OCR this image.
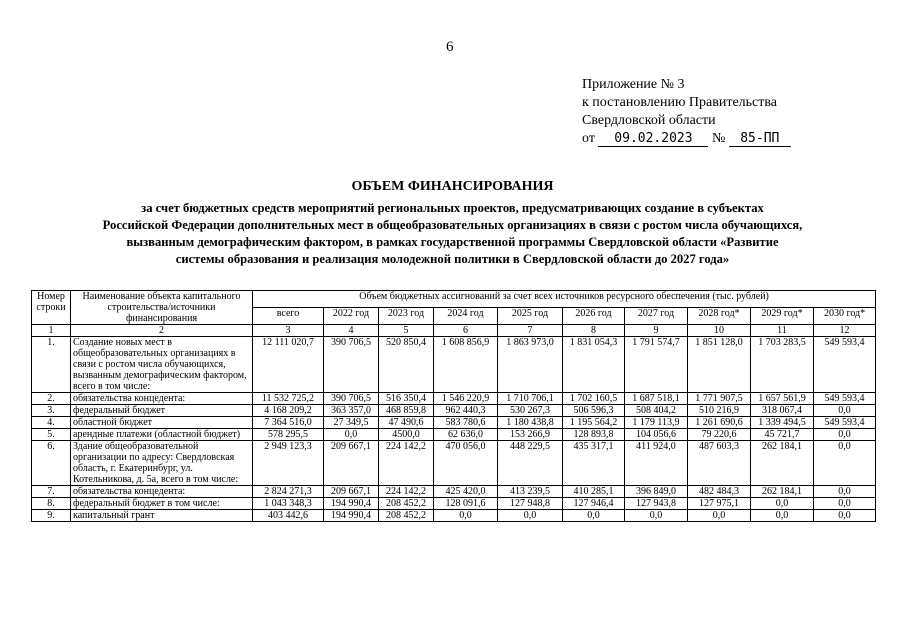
6
Приложение № 3
к постановлению Правительства
Свердловской области
от 09.02.2023 № 85-ПП
ОБЪЕМ ФИНАНСИРОВАНИЯ
за счет бюджетных средств мероприятий региональных проектов, предусматривающих создание в субъектах
Российской Федерации дополнительных мест в общеобразовательных организациях в связи с ростом числа обучающихся,
вызванным демографическим фактором, в рамках государственной программы Свердловской области «Развитие
системы образования и реализация молодежной политики в Свердловской области до 2027 года»
Номер строки	Наименование объекта капитального строительства/источники финансирования	Объем бюджетных ассигнований за счет всех источников ресурсного обеспечения (тыс. рублей)									
		всего	2022 год	2023 год	2024 год	2025 год	2026 год	2027 год	2028 год*	2029 год*	2030 год*
1	2	3	4	5	6	7	8	9	10	11	12
1.	Создание новых мест в общеобразовательных организациях в связи с ростом числа обучающихся, вызванным демографическим фактором, всего в том числе:	12 111 020,7	390 706,5	520 850,4	1 608 856,9	1 863 973,0	1 831 054,3	1 791 574,7	1 851 128,0	1 703 283,5	549 593,4
2.	обязательства концедента:	11 532 725,2	390 706,5	516 350,4	1 546 220,9	1 710 706,1	1 702 160,5	1 687 518,1	1 771 907,5	1 657 561,9	549 593,4
3.	федеральный бюджет	4 168 209,2	363 357,0	468 859,8	962 440,3	530 267,3	506 596,3	508 404,2	510 216,9	318 067,4	0,0
4.	областной бюджет	7 364 516,0	27 349,5	47 490,6	583 780,6	1 180 438,8	1 195 564,2	1 179 113,9	1 261 690,6	1 339 494,5	549 593,4
5.	арендные платежи (областной бюджет)	578 295,5	0,0	4500,0	62 636,0	153 266,9	128 893,8	104 056,6	79 220,6	45 721,7	0,0
6.	Здание общеобразовательной организации по адресу: Свердловская область, г. Екатеринбург, ул. Котельникова, д. 5а, всего в том числе:	2 949 123,3	209 667,1	224 142,2	470 056,0	448 229,5	435 317,1	411 924,0	487 603,3	262 184,1	0,0
7.	обязательства концедента:	2 824 271,3	209 667,1	224 142,2	425 420,0	413 239,5	410 285,1	396 849,0	482 484,3	262 184,1	0,0
8.	федеральный бюджет в том числе:	1 043 348,3	194 990,4	208 452,2	128 091,6	127 948,8	127 946,4	127 943,8	127 975,1	0,0	0,0
9.	капитальный грант	403 442,6	194 990,4	208 452,2	0,0	0,0	0,0	0,0	0,0	0,0	0,0
